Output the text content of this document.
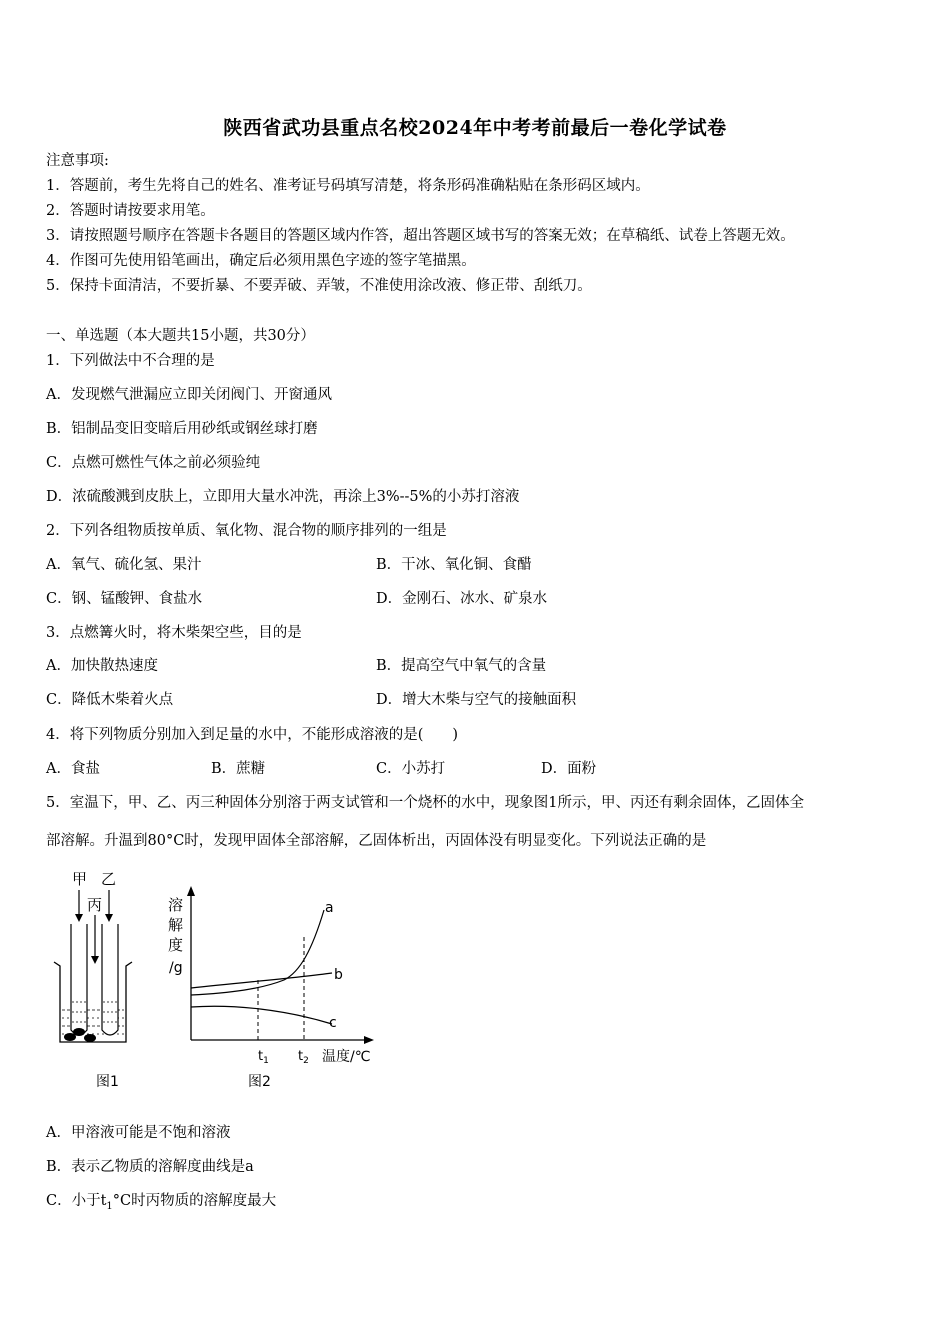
陕西省武功县重点名校2024年中考考前最后一卷化学试卷
注意事项:
1．答题前，考生先将自己的姓名、准考证号码填写清楚，将条形码准确粘贴在条形码区域内。
2．答题时请按要求用笔。
3．请按照题号顺序在答题卡各题目的答题区域内作答，超出答题区域书写的答案无效；在草稿纸、试卷上答题无效。
4．作图可先使用铅笔画出，确定后必须用黑色字迹的签字笔描黑。
5．保持卡面清洁，不要折暴、不要弄破、弄皱，不准使用涂改液、修正带、刮纸刀。
一、单选题（本大题共15小题，共30分）
1．下列做法中不合理的是
A．发现燃气泄漏应立即关闭阀门、开窗通风
B．铝制品变旧变暗后用砂纸或钢丝球打磨
C．点燃可燃性气体之前必须验纯
D．浓硫酸溅到皮肤上，立即用大量水冲洗，再涂上3%--5%的小苏打溶液
2．下列各组物质按单质、氧化物、混合物的顺序排列的一组是
A．氧气、硫化氢、果汁	B．干冰、氧化铜、食醋
C．钢、锰酸钾、食盐水	D．金刚石、冰水、矿泉水
3．点燃篝火时，将木柴架空些，目的是
A．加快散热速度	B．提高空气中氧气的含量
C．降低木柴着火点	D．增大木柴与空气的接触面积
4．将下列物质分别加入到足量的水中，不能形成溶液的是(　　)
A．食盐	B．蔗糖	C．小苏打	D．面粉
5．室温下，甲、乙、丙三种固体分别溶于两支试管和一个烧杯的水中，现象图1所示，甲、丙还有剩余固体，乙固体全
部溶解。升温到80°C时，发现甲固体全部溶解，乙固体析出，丙固体没有明显变化。下列说法正确的是
甲 乙
丙
图1
溶
解
度
/g
a
b
c
$t_1$ $t_2$ 温度/℃
图2
A．甲溶液可能是不饱和溶液
B．表示乙物质的溶解度曲线是a
C．小于$t_1^\circ C$时丙物质的溶解度最大
